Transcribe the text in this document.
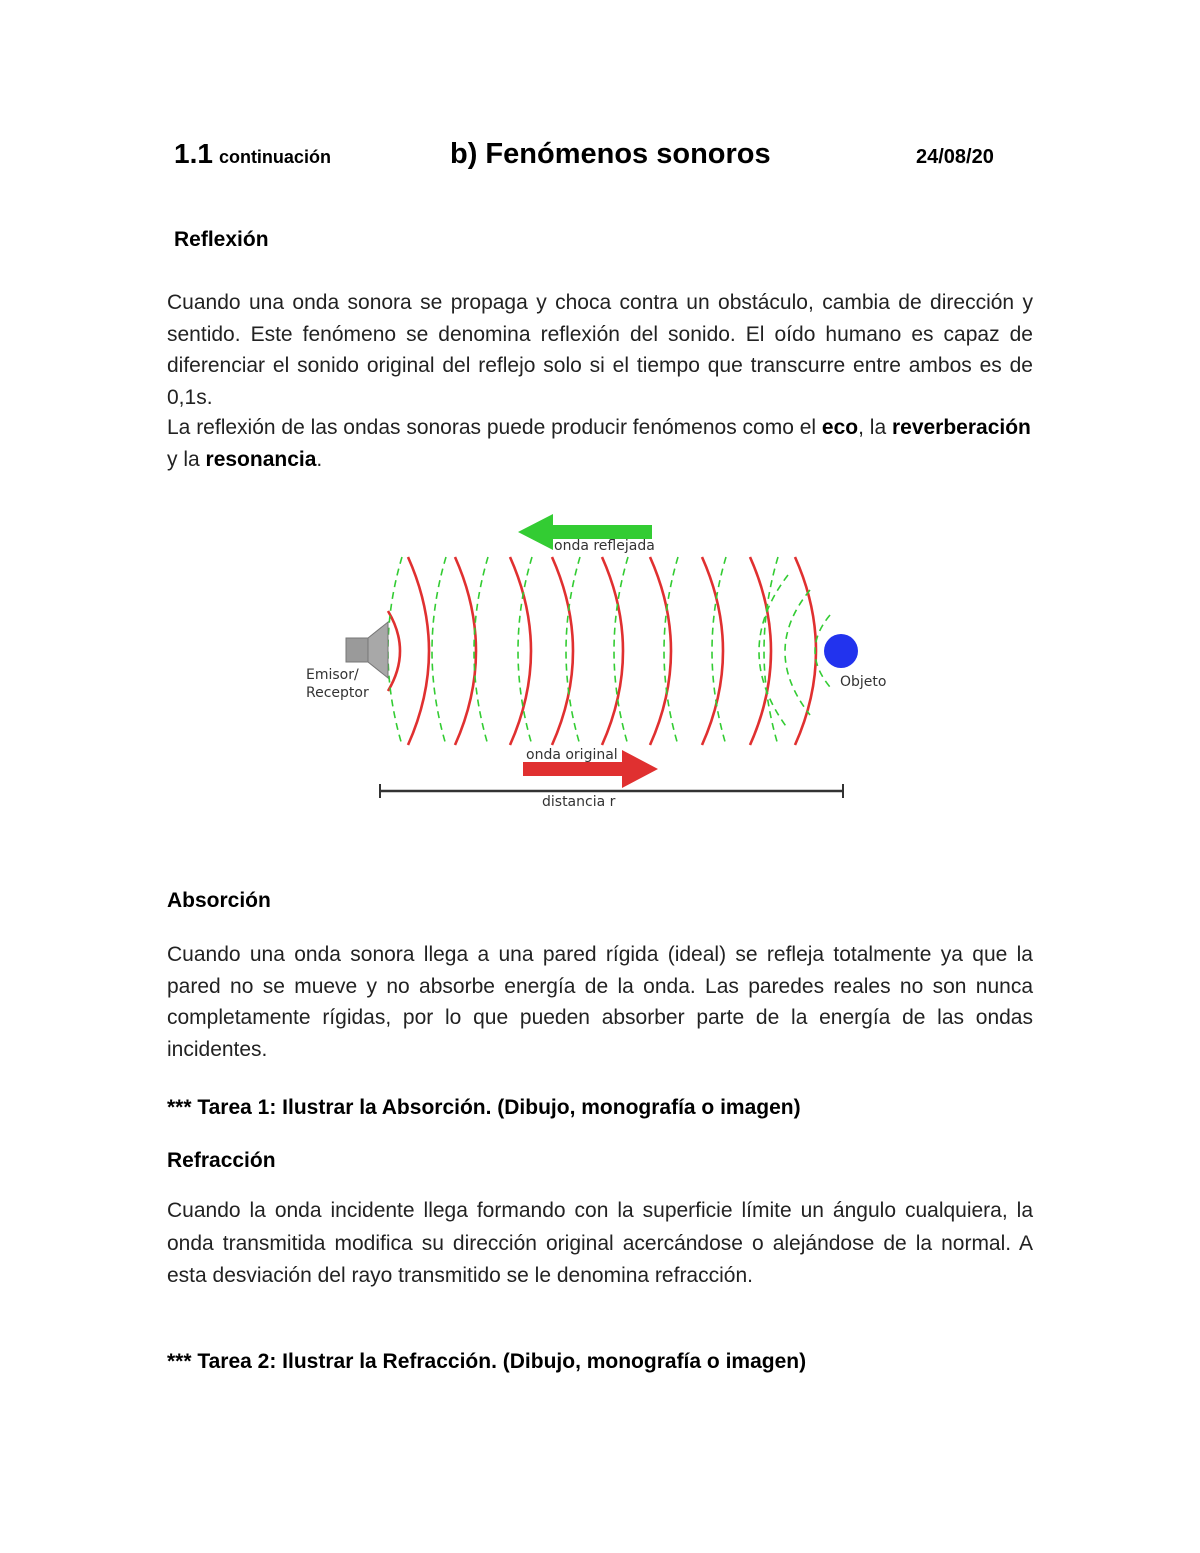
1.1 continuación	b) Fenómenos sonoros	24/08/20
Reflexión
Cuando una onda sonora se propaga y choca contra un obstáculo, cambia de dirección y sentido. Este fenómeno se denomina reflexión del sonido. El oído humano es capaz de diferenciar el sonido original del reflejo solo si el tiempo que transcurre entre ambos es de 0,1s.
La reflexión de las ondas sonoras puede producir fenómenos como el eco, la reverberación y la resonancia.
onda reflejada
Emisor/
Receptor
Objeto
onda original
distancia r
Absorción
Cuando una onda sonora llega a una pared rígida (ideal) se refleja totalmente ya que la pared no se mueve y no absorbe energía de la onda. Las paredes reales no son nunca completamente rígidas, por lo que pueden absorber parte de la energía de las ondas incidentes.
*** Tarea 1: Ilustrar la Absorción. (Dibujo, monografía o imagen)
Refracción
Cuando la onda incidente llega formando con la superficie límite un ángulo cualquiera, la onda transmitida modifica su dirección original acercándose o alejándose de la normal. A esta desviación del rayo transmitido se le denomina refracción.
*** Tarea 2: Ilustrar la Refracción. (Dibujo, monografía o imagen)
